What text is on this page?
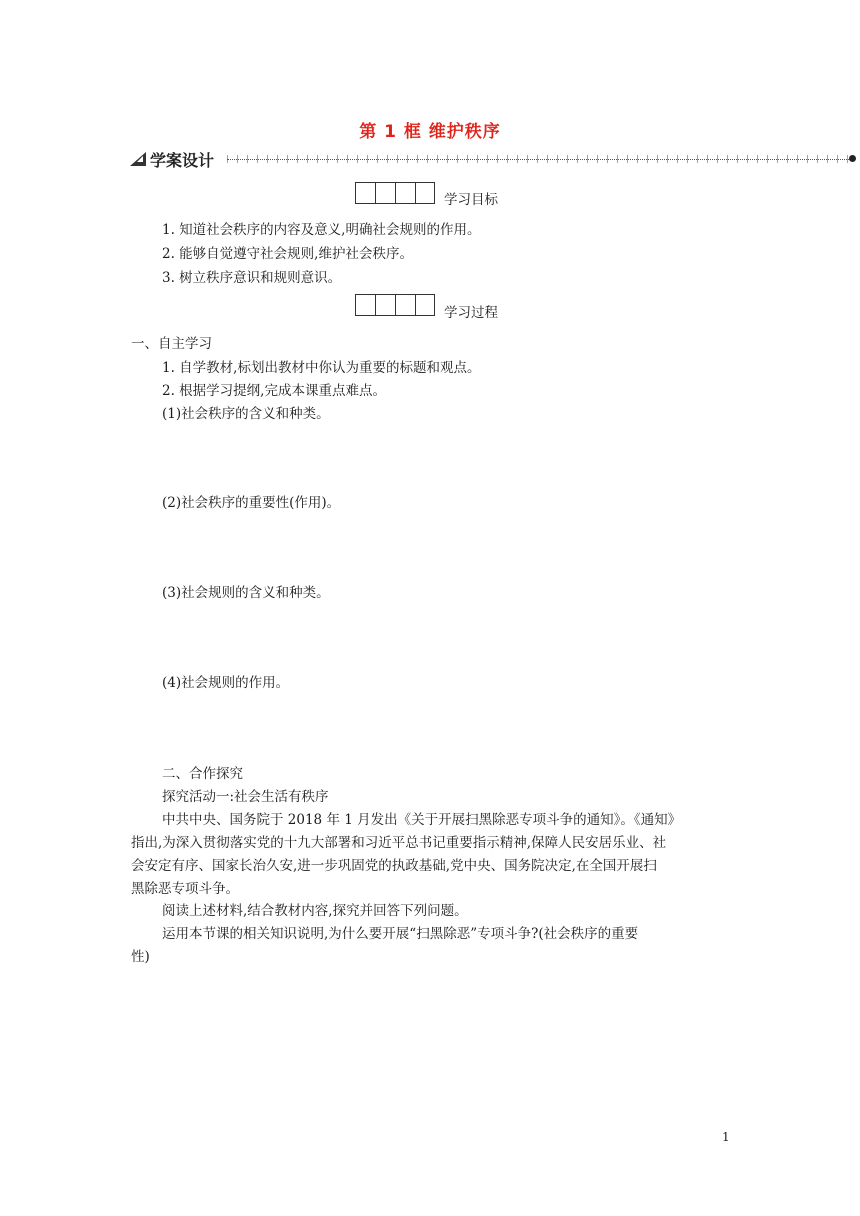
第 1 框 维护秩序
学案设计
学习目标
1. 知道社会秩序的内容及意义,明确社会规则的作用。
2. 能够自觉遵守社会规则,维护社会秩序。
3. 树立秩序意识和规则意识。
学习过程
一、自主学习
1. 自学教材,标划出教材中你认为重要的标题和观点。
2. 根据学习提纲,完成本课重点难点。
(1)社会秩序的含义和种类。
(2)社会秩序的重要性(作用)。
(3)社会规则的含义和种类。
(4)社会规则的作用。
二、合作探究
探究活动一:社会生活有秩序
中共中央、国务院于 2018 年 1 月发出《关于开展扫黑除恶专项斗争的通知》。《通知》
指出,为深入贯彻落实党的十九大部署和习近平总书记重要指示精神,保障人民安居乐业、社
会安定有序、国家长治久安,进一步巩固党的执政基础,党中央、国务院决定,在全国开展扫
黑除恶专项斗争。
阅读上述材料,结合教材内容,探究并回答下列问题。
运用本节课的相关知识说明,为什么要开展“扫黑除恶”专项斗争?(社会秩序的重要
性)
1
